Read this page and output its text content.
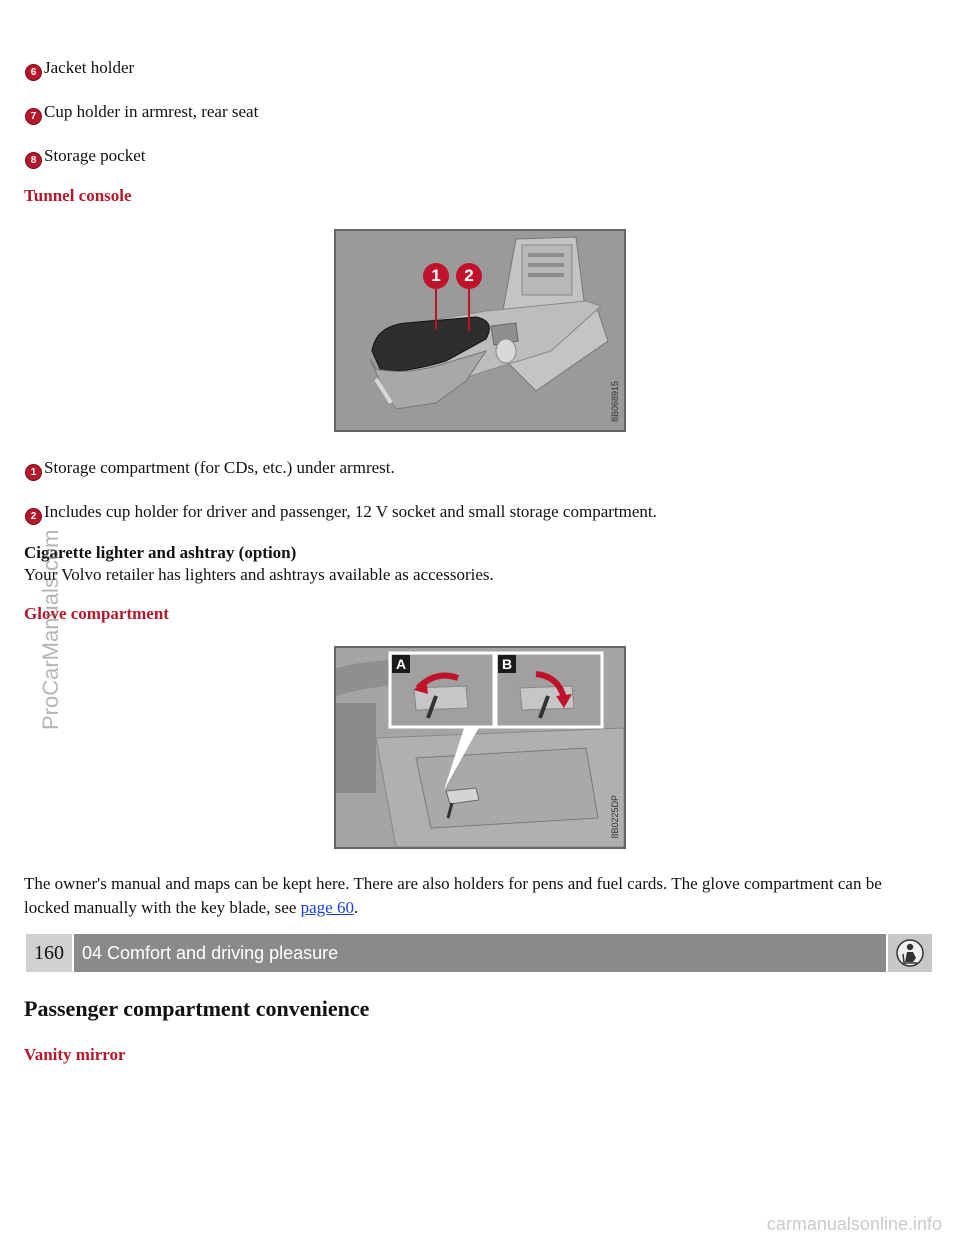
6 Jacket holder
7 Cup holder in armrest, rear seat
8 Storage pocket
Tunnel console
1	2
8B068915
1 Storage compartment (for CDs, etc.) under armrest.
2 Includes cup holder for driver and passenger, 12 V socket and small storage compartment.
Cigarette lighter and ashtray (option)
Your Volvo retailer has lighters and ashtrays available as accessories.
Glove compartment
A	B
8B0225DP
The owner's manual and maps can be kept here. There are also holders for pens and fuel cards. The glove compartment can be locked manually with the key blade, see page 60.
160	04 Comfort and driving pleasure
Passenger compartment convenience
Vanity mirror
ProCarManuals.com
carmanualsonline.info
